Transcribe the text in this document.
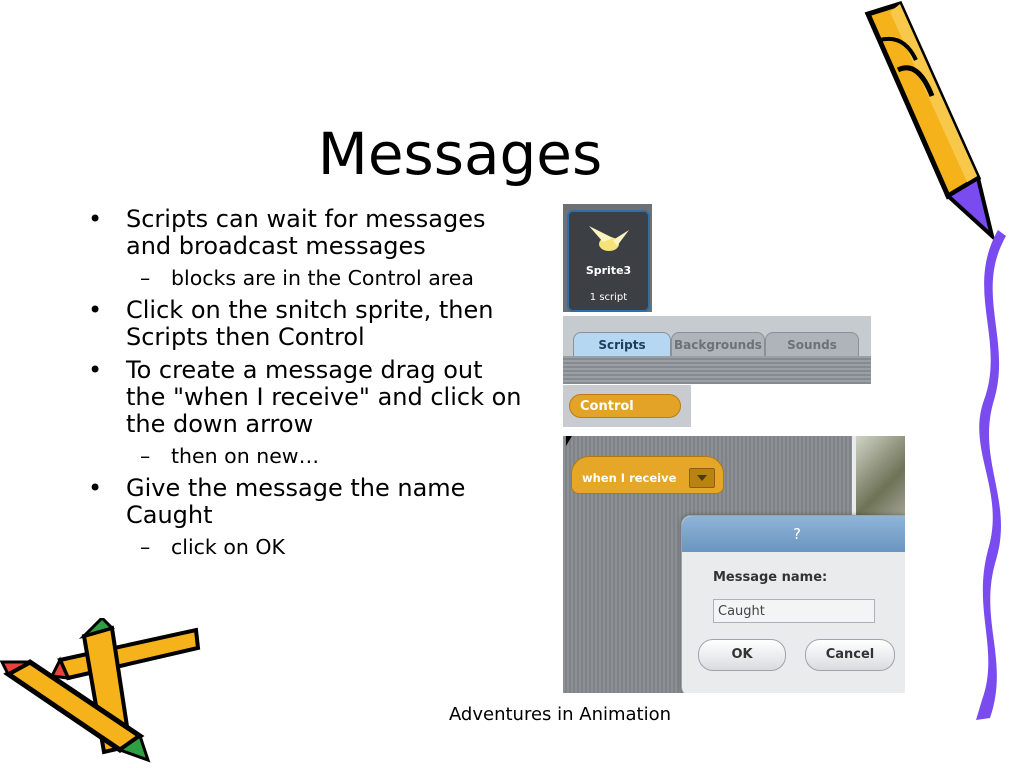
Messages
• Scripts can wait for messages and broadcast messages
– blocks are in the Control area
• Click on the snitch sprite, then Scripts then Control
• To create a message drag out the "when I receive" and click on the down arrow
– then on new…
• Give the message the name Caught
– click on OK
Sprite3
1 script
Scripts	Backgrounds	Sounds
Control
when I receive
?
Message name:
Caught
OK	Cancel
Adventures in Animation
